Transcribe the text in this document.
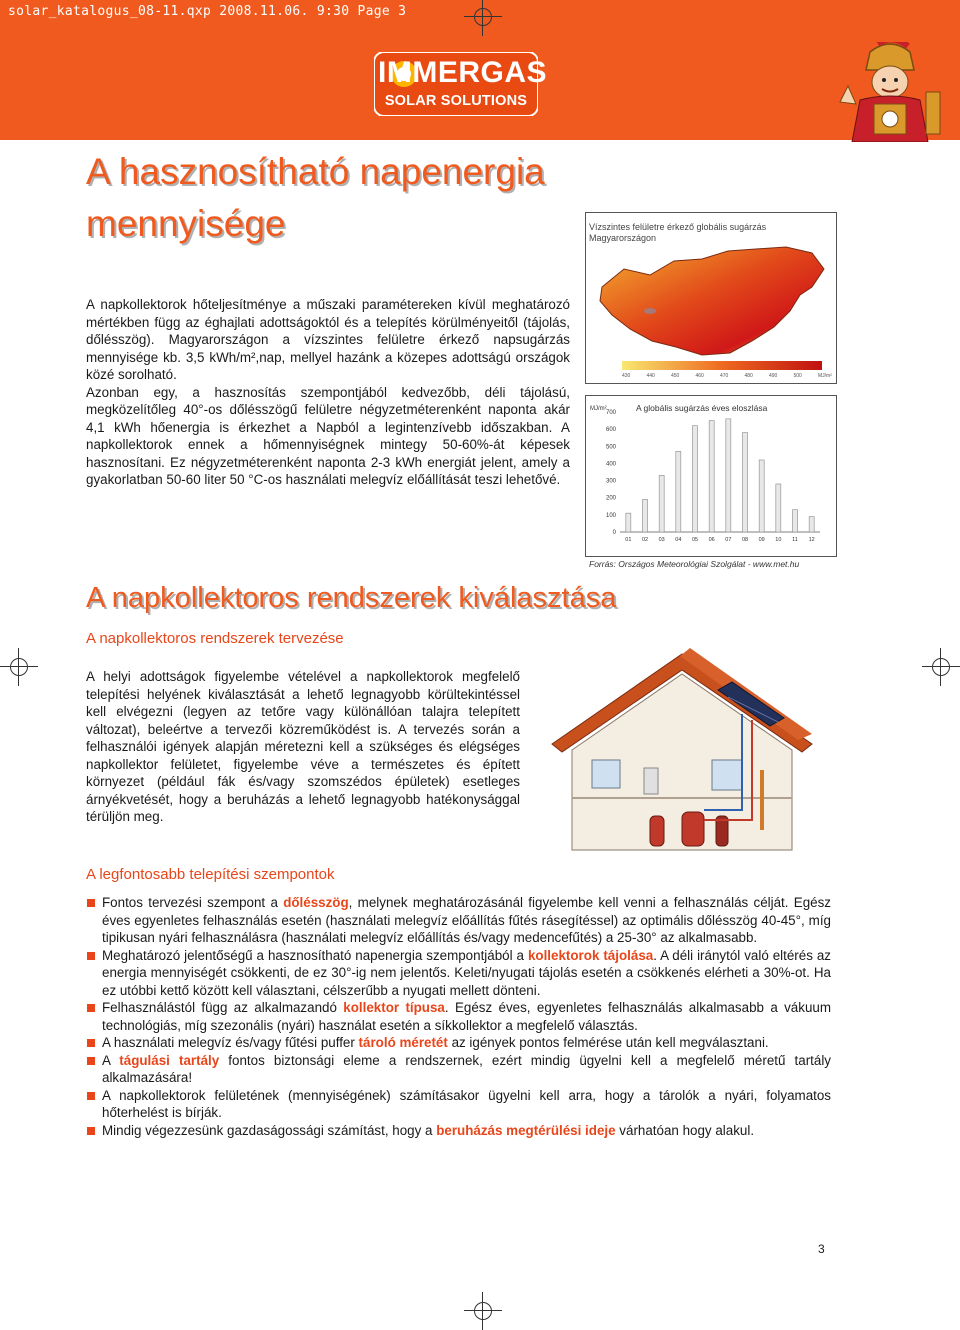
solar_katalogus_08-11.qxp 2008.11.06. 9:30 Page 3
IMMERGAS
SOLAR SOLUTIONS
A hasznosítható napenergia
mennyisége

A napkollektorok hőteljesítménye a műszaki paramétereken kívül meghatározó mértékben függ az éghajlati adottságoktól és a telepítés körülményeitől (tájolás, dőlésszög). Magyarországon a vízszintes felületre érkező napsugárzás mennyisége kb. 3,5 kWh/m²,nap, mellyel hazánk a közepes adottságú országok közé sorolható.

Azonban egy, a hasznosítás szempontjából kedvezőbb, déli tájolású, megközelítőleg 40°-os dőlésszögű felületre négyzetméterenként naponta akár 4,1 kWh hőenergia is érkezhet a Napból a legintenzívebb időszakban. A napkollektorok ennek a hőmennyiségnek mintegy 50-60%-át képesek hasznosítani. Ez négyzetméterenként naponta 2-3 kWh energiát jelent, amely a gyakorlatban 50-60 liter 50 °C-os használati melegvíz előállítását teszi lehetővé.

Vízszintes felületre érkező globális sugárzás Magyarországon
430	440	450	460	470	480	490	500	MJ/m²
A globális sugárzás éves eloszlása
MJ/m²
700
600
500
400
300
200
100
0
01 02 03 04 05 06 07 08 09 10 11 12
Forrás: Országos Meteorológiai Szolgálat - www.met.hu
A napkollektoros rendszerek kiválasztása
A napkollektoros rendszerek tervezése
A helyi adottságok figyelembe vételével a napkollektorok megfelelő telepítési helyének kiválasztását a lehető legnagyobb körültekintéssel kell elvégezni (legyen az tetőre vagy különállóan talajra telepített változat), beleértve a tervezői közreműködést is. A tervezés során a felhasználói igények alapján méretezni kell a szükséges és elégséges napkollektor felületet, figyelembe véve a természetes és épített környezet (például fák és/vagy szomszédos épületek) esetleges árnyékvetését, hogy a beruházás a lehető legnagyobb hatékonysággal térüljön meg.
A legfontosabb telepítési szempontok
Fontos tervezési szempont a dőlésszög, melynek meghatározásánál figyelembe kell venni a felhasználás célját. Egész éves egyenletes felhasználás esetén (használati melegvíz előállítás fűtés rásegítéssel) az optimális dőlésszög 40-45°, míg tipikusan nyári felhasználásra (használati melegvíz előállítás és/vagy medencefűtés) a 25-30° az alkalmasabb.
Meghatározó jelentőségű a hasznosítható napenergia szempontjából a kollektorok tájolása. A déli iránytól való eltérés az energia mennyiségét csökkenti, de ez 30°-ig nem jelentős. Keleti/nyugati tájolás esetén a csökkenés elérheti a 30%-ot. Ha ez utóbbi kettő között kell választani, célszerűbb a nyugati mellett dönteni.
Felhasználástól függ az alkalmazandó kollektor típusa. Egész éves, egyenletes felhasználás alkalmasabb a vákuum technológiás, míg szezonális (nyári) használat esetén a síkkollektor a megfelelő választás.
A használati melegvíz és/vagy fűtési puffer tároló méretét az igények pontos felmérése után kell megválasztani.
A tágulási tartály fontos biztonsági eleme a rendszernek, ezért mindig ügyelni kell a megfelelő méretű tartály alkalmazására!
A napkollektorok felületének (mennyiségének) számításakor ügyelni kell arra, hogy a tárolók a nyári, folyamatos hőterhelést is bírják.
Mindig végezzesünk gazdaságossági számítást, hogy a beruházás megtérülési ideje várhatóan hogy alakul.
3
